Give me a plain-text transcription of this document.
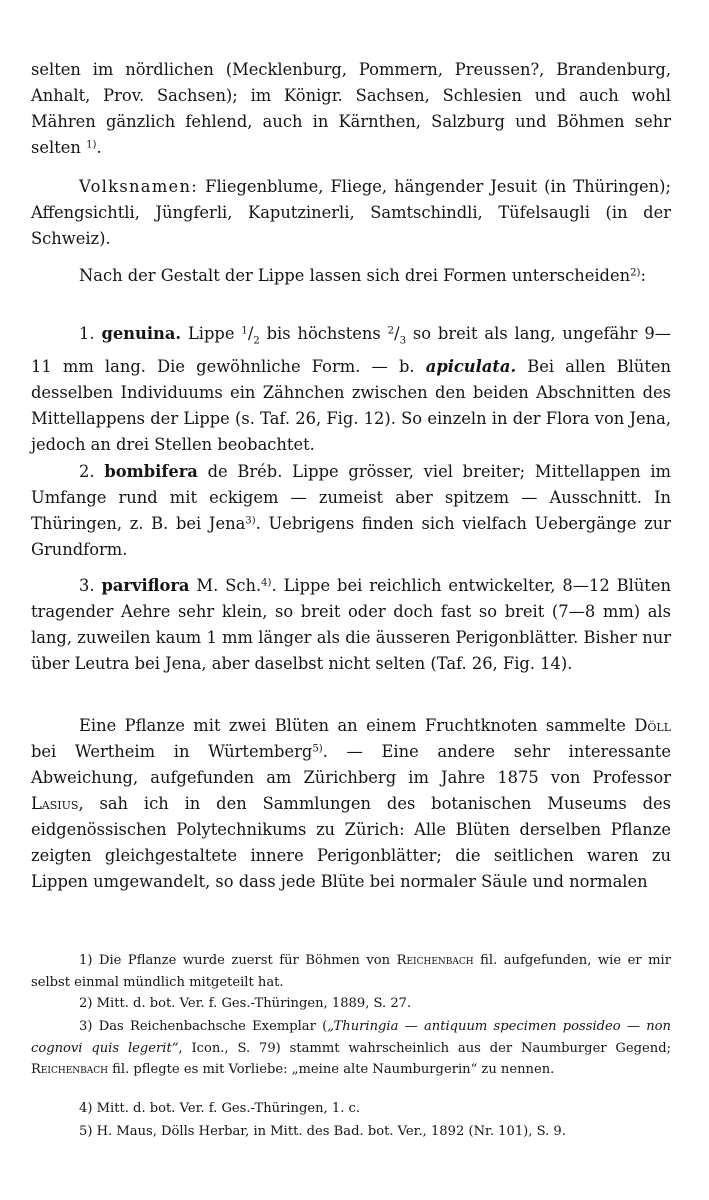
selten im nördlichen (Mecklenburg, Pommern, Preussen?, Brandenburg, Anhalt, Prov. Sachsen); im Königr. Sachsen, Schlesien und auch wohl Mähren gänzlich fehlend, auch in Kärnthen, Salzburg und Böhmen sehr selten $^{1)}$.

Volksnamen: Fliegenblume, Fliege, hängender Jesuit (in Thüringen); Affengsichtli, Jüngferli, Kaputzinerli, Samtschindli, Tüfelsaugli (in der Schweiz).

Nach der Gestalt der Lippe lassen sich drei Formen unterscheiden$^{2)}$:

1. genuina. Lippe $^1/_2$ bis höchstens $^2/_3$ so breit als lang, ungefähr 9—11 mm lang. Die gewöhnliche Form. — b. apiculata. Bei allen Blüten desselben Individuums ein Zähnchen zwischen den beiden Abschnitten des Mittellappens der Lippe (s. Taf. 26, Fig. 12). So einzeln in der Flora von Jena, jedoch an drei Stellen beobachtet.

2. bombifera de Bréb. Lippe grösser, viel breiter; Mittellappen im Umfange rund mit eckigem — zumeist aber spitzem — Ausschnitt. In Thüringen, z. B. bei Jena$^{3)}$. Uebrigens finden sich vielfach Uebergänge zur Grundform.

3. parviflora M. Sch.$^{4)}$. Lippe bei reichlich entwickelter, 8—12 Blüten tragender Aehre sehr klein, so breit oder doch fast so breit (7—8 mm) als lang, zuweilen kaum 1 mm länger als die äusseren Perigonblätter. Bisher nur über Leutra bei Jena, aber daselbst nicht selten (Taf. 26, Fig. 14).

Eine Pflanze mit zwei Blüten an einem Fruchtknoten sammelte Döll bei Wertheim in Würtemberg$^{5)}$. — Eine andere sehr interessante Abweichung, aufgefunden am Zürichberg im Jahre 1875 von Professor Lasius, sah ich in den Sammlungen des botanischen Museums des eidgenössischen Polytechnikums zu Zürich: Alle Blüten derselben Pflanze zeigten gleichgestaltete innere Perigonblätter; die seitlichen waren zu Lippen umgewandelt, so dass jede Blüte bei normaler Säule und normalen

1) Die Pflanze wurde zuerst für Böhmen von Reichenbach fil. aufgefunden, wie er mir selbst einmal mündlich mitgeteilt hat.

2) Mitt. d. bot. Ver. f. Ges.-Thüringen, 1889, S. 27.

3) Das Reichenbachsche Exemplar („Thuringia — antiquum specimen possideo — non cognovi quis legerit“, Icon., S. 79) stammt wahrscheinlich aus der Naumburger Gegend; Reichenbach fil. pflegte es mit Vorliebe: „meine alte Naumburgerin“ zu nennen.

4) Mitt. d. bot. Ver. f. Ges.-Thüringen, 1. c.

5) H. Maus, Dölls Herbar, in Mitt. des Bad. bot. Ver., 1892 (Nr. 101), S. 9.
